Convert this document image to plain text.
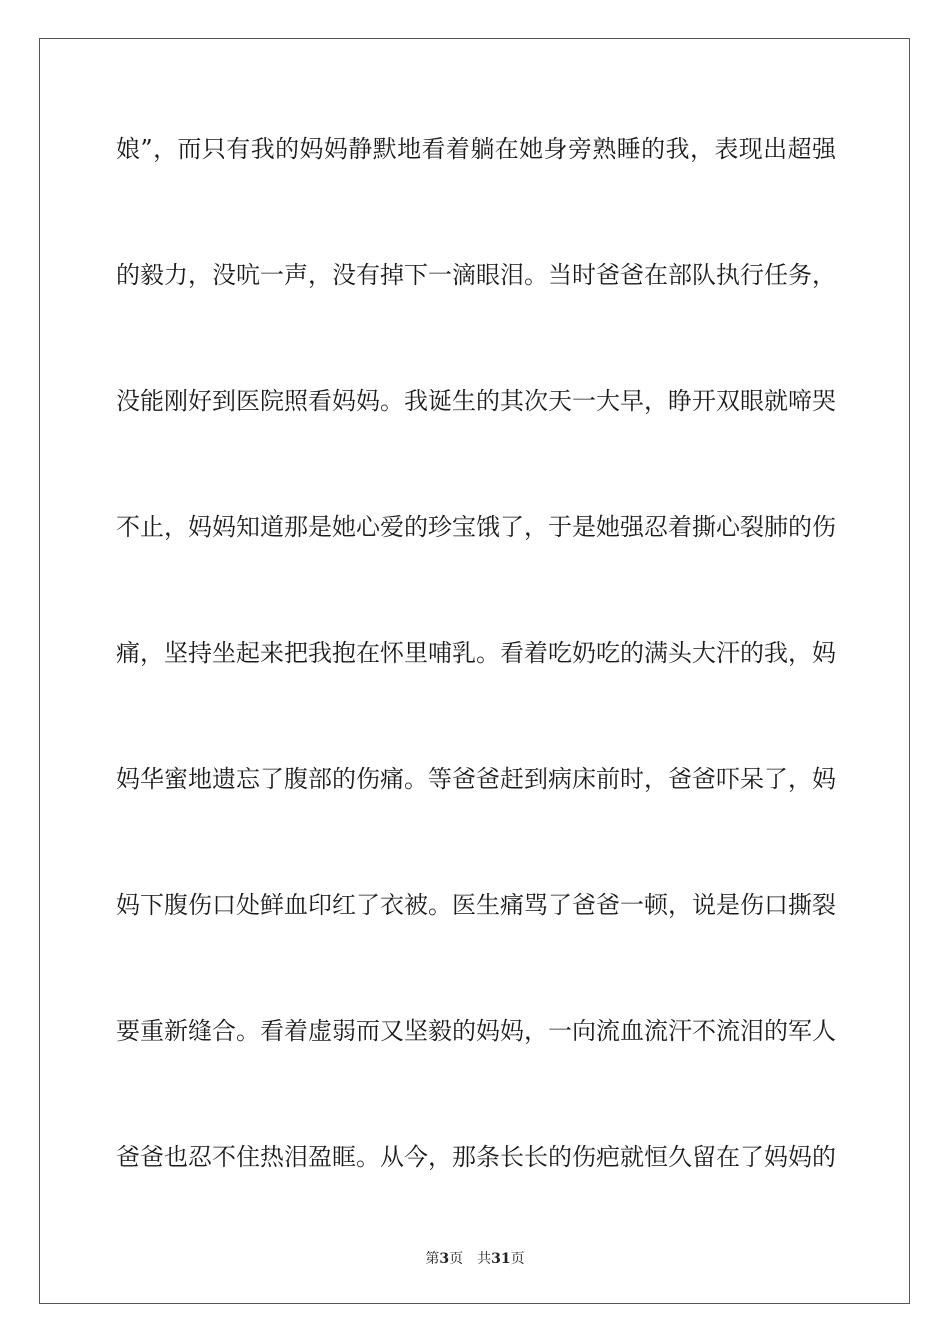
娘”，而只有我的妈妈静默地看着躺在她身旁熟睡的我，表现出超强
的毅力，没吭一声，没有掉下一滴眼泪。当时爸爸在部队执行任务，
没能刚好到医院照看妈妈。我诞生的其次天一大早，睁开双眼就啼哭
不止，妈妈知道那是她心爱的珍宝饿了，于是她强忍着撕心裂肺的伤
痛，坚持坐起来把我抱在怀里哺乳。看着吃奶吃的满头大汗的我，妈
妈华蜜地遗忘了腹部的伤痛。等爸爸赶到病床前时，爸爸吓呆了，妈
妈下腹伤口处鲜血印红了衣被。医生痛骂了爸爸一顿，说是伤口撕裂
要重新缝合。看着虚弱而又坚毅的妈妈，一向流血流汗不流泪的军人
爸爸也忍不住热泪盈眶。从今，那条长长的伤疤就恒久留在了妈妈的
第3页 共31页
